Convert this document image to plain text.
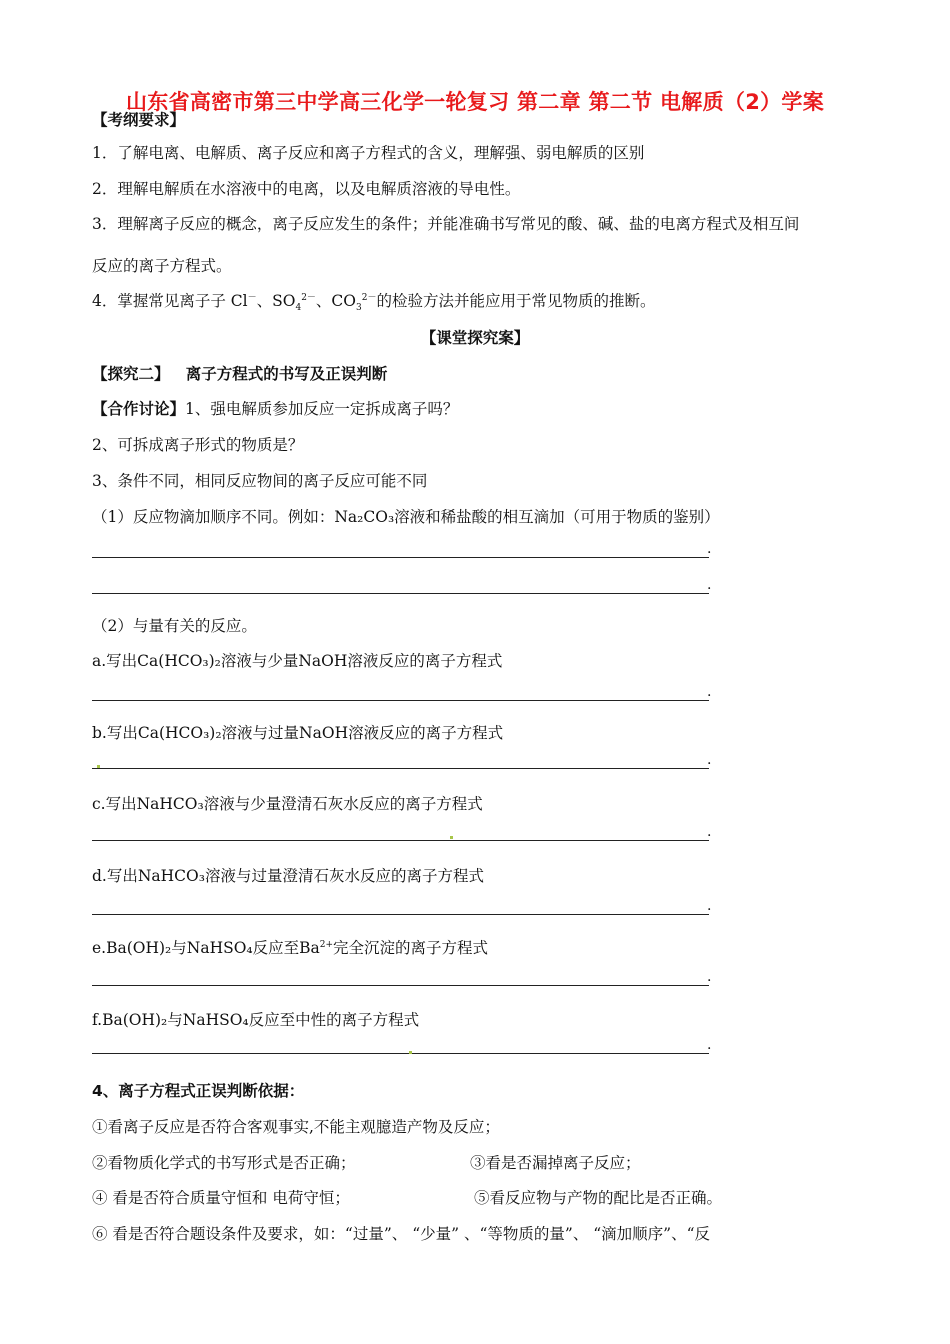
山东省高密市第三中学高三化学一轮复习 第二章 第二节 电解质（2）学案
【考纲要求】
1．了解电离、电解质、离子反应和离子方程式的含义，理解强、弱电解质的区别
2．理解电解质在水溶液中的电离，以及电解质溶液的导电性。
3．理解离子反应的概念，离子反应发生的条件；并能准确书写常见的酸、碱、盐的电离方程式及相互间
反应的离子方程式。
4．掌握常见离子子 Cl－、$SO_4^{2-}$、$CO_3^{2-}$的检验方法并能应用于常见物质的推断。
【课堂探究案】
【探究二】 离子方程式的书写及正误判断
【合作讨论】1、强电解质参加反应一定拆成离子吗？
2、可拆成离子形式的物质是？
3、条件不同，相同反应物间的离子反应可能不同
（1）反应物滴加顺序不同。例如：Na₂CO₃溶液和稀盐酸的相互滴加（可用于物质的鉴别）
.
.
（2）与量有关的反应。
a.写出Ca(HCO₃)₂溶液与少量NaOH溶液反应的离子方程式
.
b.写出Ca(HCO₃)₂溶液与过量NaOH溶液反应的离子方程式
.
c.写出NaHCO₃溶液与少量澄清石灰水反应的离子方程式
.
d.写出NaHCO₃溶液与过量澄清石灰水反应的离子方程式
.
e.Ba(OH)₂与NaHSO₄反应至$Ba^{2+}$完全沉淀的离子方程式
.
f.Ba(OH)₂与NaHSO₄反应至中性的离子方程式
.
4、离子方程式正误判断依据：
①看离子反应是否符合客观事实,不能主观臆造产物及反应；
②看物质化学式的书写形式是否正确；	③看是否漏掉离子反应；
④ 看是否符合质量守恒和 电荷守恒；	⑤看反应物与产物的配比是否正确。
⑥ 看是否符合题设条件及要求，如：“过量”、 “少量” 、“等物质的量”、 “滴加顺序”、“反
